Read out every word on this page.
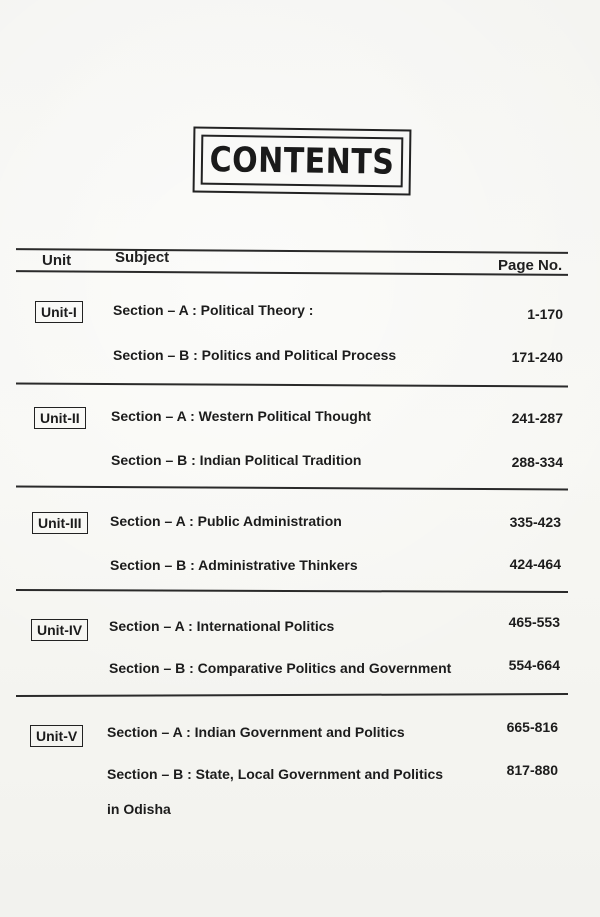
CONTENTS
Unit	Subject	Page No.
Unit-I	Section – A : Political Theory :	1-170
Section – B : Politics and Political Process	171-240
Unit-II	Section – A : Western Political Thought	241-287
Section – B : Indian Political Tradition	288-334
Unit-III	Section – A : Public Administration	335-423
Section – B : Administrative Thinkers	424-464
Unit-IV	Section – A : International Politics	465-553
Section – B : Comparative Politics and Government	554-664
Unit-V	Section – A : Indian Government and Politics	665-816
Section – B : State, Local Government and Politics	817-880
in Odisha
